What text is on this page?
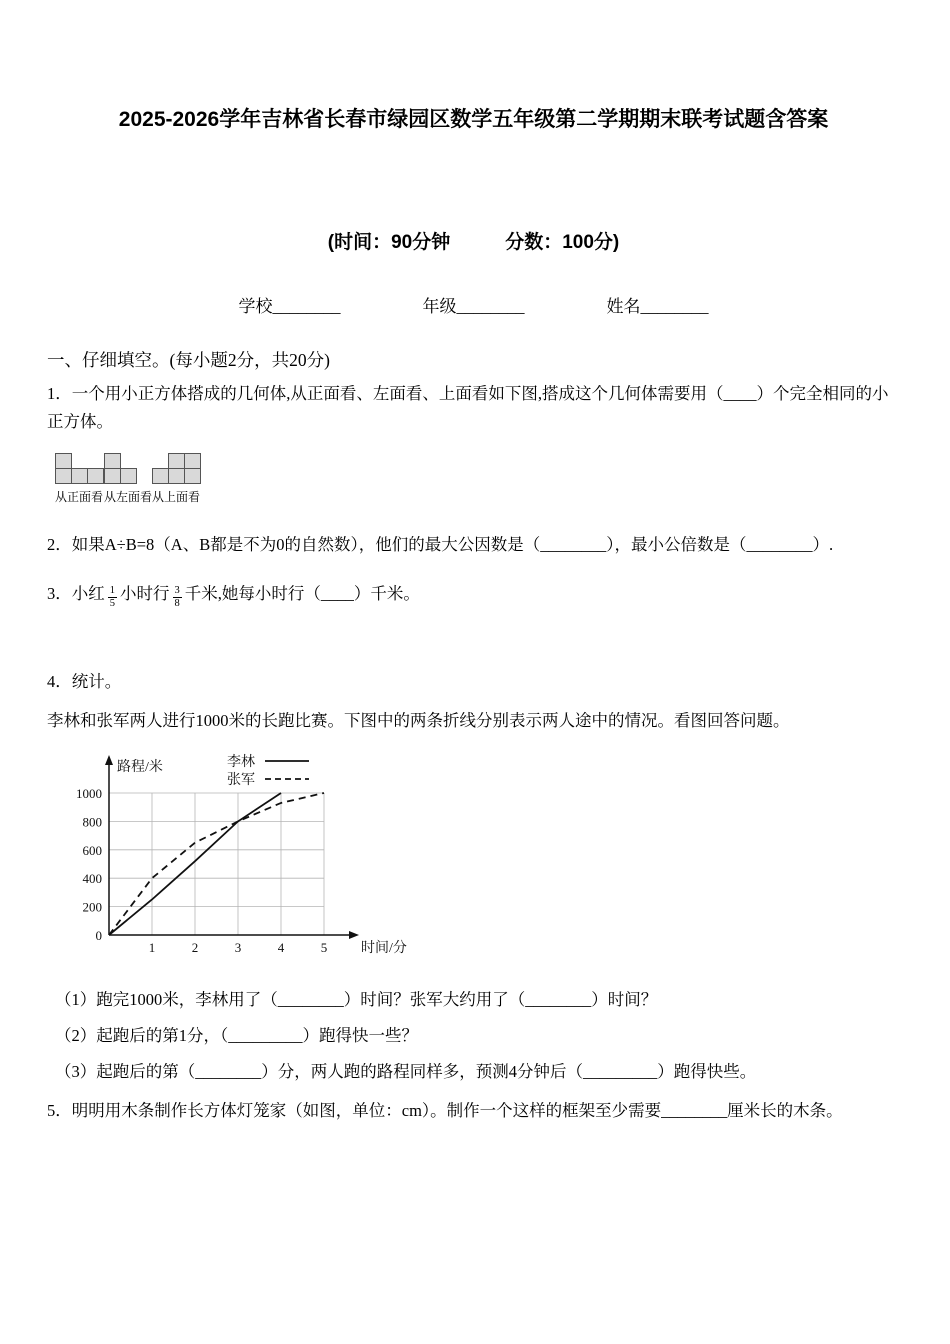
2025-2026学年吉林省长春市绿园区数学五年级第二学期期末联考试题含答案
(时间：90分钟	分数：100分)
学校________	年级________	姓名________
一、仔细填空。(每小题2分，共20分)
1．一个用小正方体搭成的几何体,从正面看、左面看、上面看如下图,搭成这个几何体需要用（____）个完全相同的小正方体。
从正面看 从左面看 从上面看
2．如果A÷B=8（A、B都是不为0的自然数），他们的最大公因数是（________），最小公倍数是（________）.
3．小红 $\frac{1}{5}$ 小时行 $\frac{3}{8}$ 千米,她每小时行（____）千米。
4．统计。
李林和张军两人进行1000米的长跑比赛。下图中的两条折线分别表示两人途中的情况。看图回答问题。
路程/米
时间/分
0
200
400
600
800
1000
1	2	3	4	5
李林
张军
（1）跑完1000米，李林用了（________）时间？张军大约用了（________）时间？
（2）起跑后的第1分，（_________）跑得快一些？
（3）起跑后的第（________）分，两人跑的路程同样多，预测4分钟后（_________）跑得快些。
5．明明用木条制作长方体灯笼家（如图，单位：cm）。制作一个这样的框架至少需要________厘米长的木条。
